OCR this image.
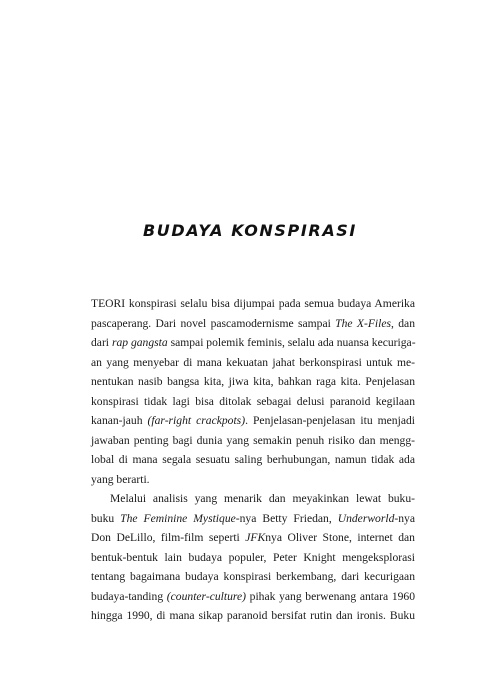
BUDAYA KONSPIRASI
TEORI konspirasi selalu bisa dijumpai pada semua budaya Amerika
pascaperang. Dari novel pascamodernisme sampai The X-Files, dan
dari rap gangsta sampai polemik feminis, selalu ada nuansa kecuriga-
an yang menyebar di mana kekuatan jahat berkonspirasi untuk me-
nentukan nasib bangsa kita, jiwa kita, bahkan raga kita. Penjelasan
konspirasi tidak lagi bisa ditolak sebagai delusi paranoid kegilaan
kanan-jauh (far-right crackpots). Penjelasan-penjelasan itu menjadi
jawaban penting bagi dunia yang semakin penuh risiko dan mengg-
lobal di mana segala sesuatu saling berhubungan, namun tidak ada
yang berarti.
Melalui analisis yang menarik dan meyakinkan lewat buku-
buku The Feminine Mystique-nya Betty Friedan, Underworld-nya
Don DeLillo, film-film seperti JFKnya Oliver Stone, internet dan
bentuk-bentuk lain budaya populer, Peter Knight mengeksplorasi
tentang bagaimana budaya konspirasi berkembang, dari kecurigaan
budaya-tanding (counter-culture) pihak yang berwenang antara 1960
hingga 1990, di mana sikap paranoid bersifat rutin dan ironis. Buku
